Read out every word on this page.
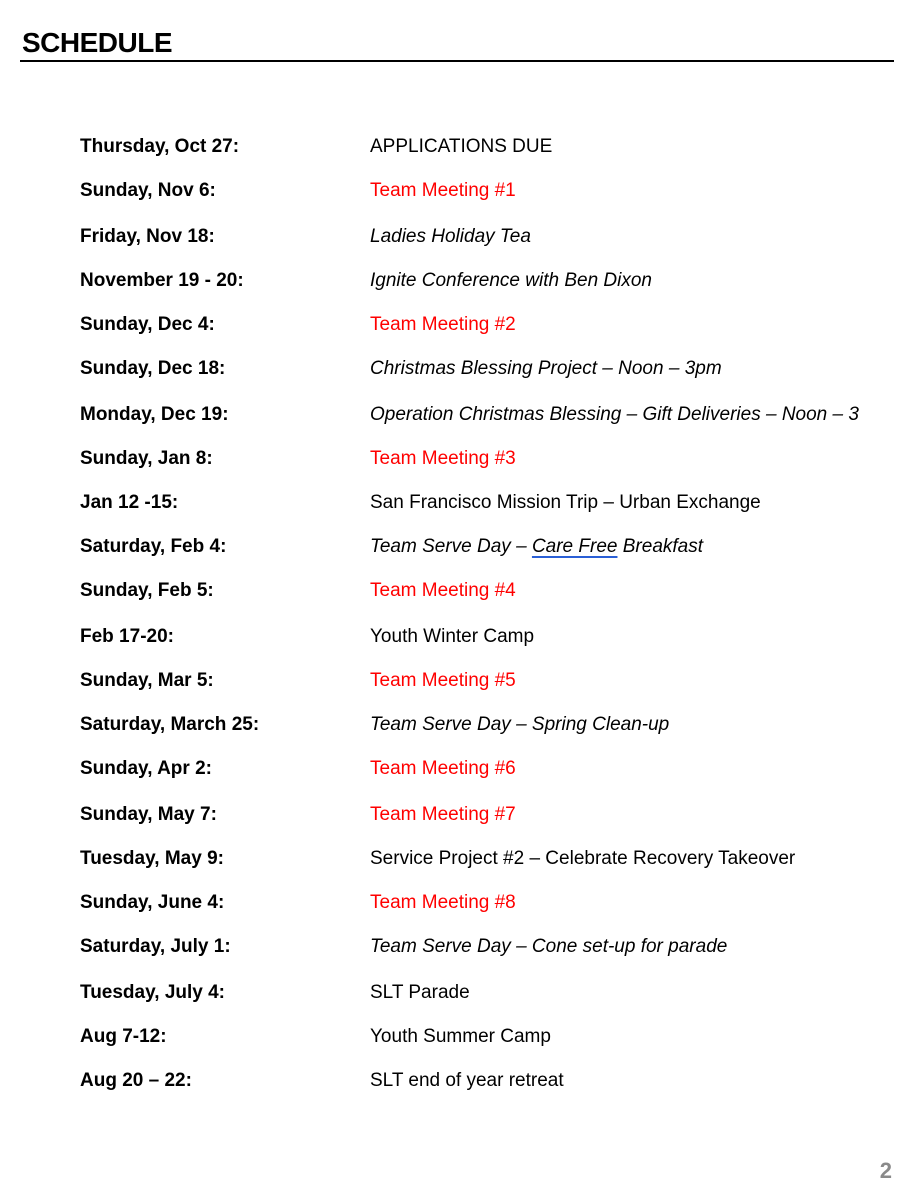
SCHEDULE
Thursday, Oct 27:	APPLICATIONS DUE
Sunday, Nov 6:	Team Meeting #1
Friday, Nov 18:	Ladies Holiday Tea
November 19 - 20:	Ignite Conference with Ben Dixon
Sunday, Dec 4:	Team Meeting #2
Sunday, Dec 18:	Christmas Blessing Project – Noon – 3pm
Monday, Dec 19:	Operation Christmas Blessing – Gift Deliveries – Noon – 3
Sunday, Jan 8:	Team Meeting #3
Jan 12 -15:	San Francisco Mission Trip – Urban Exchange
Saturday, Feb 4:	Team Serve Day – Care Free Breakfast
Sunday, Feb 5:	Team Meeting #4
Feb 17-20:	Youth Winter Camp
Sunday, Mar 5:	Team Meeting #5
Saturday, March 25:	Team Serve Day – Spring Clean-up
Sunday, Apr 2:	Team Meeting #6
Sunday, May 7:	Team Meeting #7
Tuesday, May 9:	Service Project #2 – Celebrate Recovery Takeover
Sunday, June 4:	Team Meeting #8
Saturday, July 1:	Team Serve Day – Cone set-up for parade
Tuesday, July 4:	SLT Parade
Aug 7-12:	Youth Summer Camp
Aug 20 – 22:	SLT end of year retreat
2
